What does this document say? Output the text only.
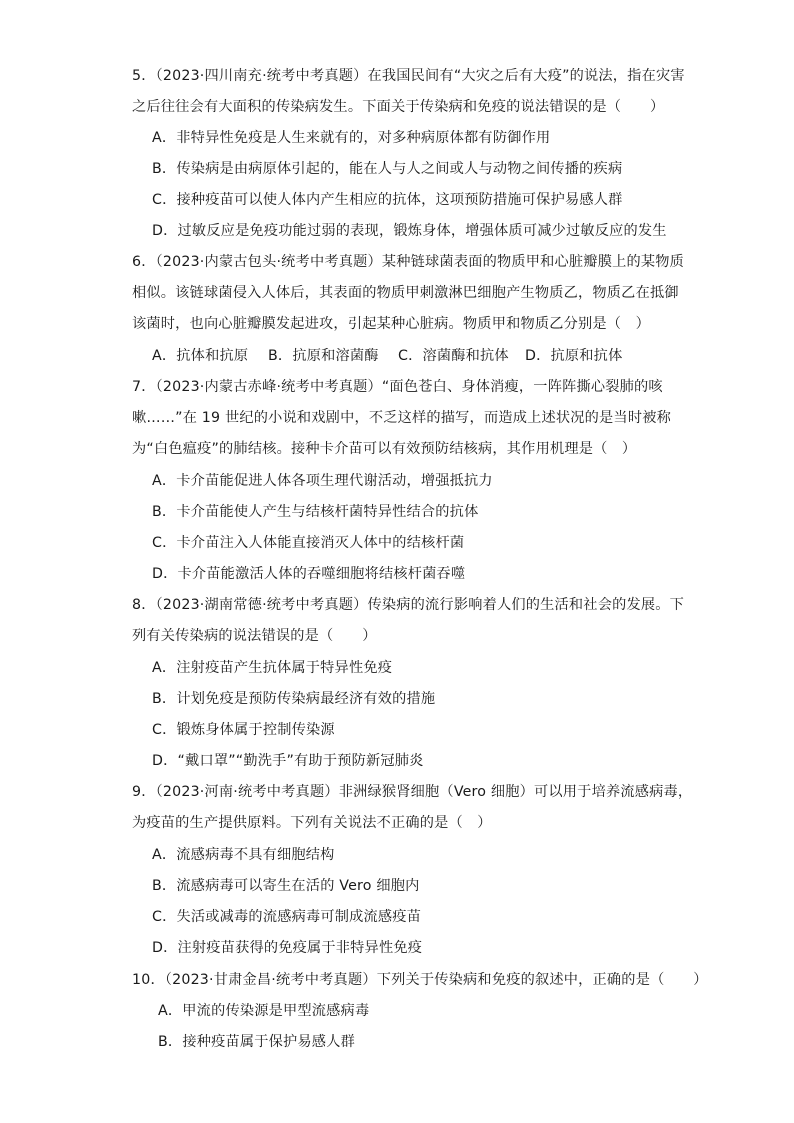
5．（2023·四川南充·统考中考真题）在我国民间有“大灾之后有大疫”的说法，指在灾害
之后往往会有大面积的传染病发生。下面关于传染病和免疫的说法错误的是（　　）
A．非特异性免疫是人生来就有的，对多种病原体都有防御作用
B．传染病是由病原体引起的，能在人与人之间或人与动物之间传播的疾病
C．接种疫苗可以使人体内产生相应的抗体，这项预防措施可保护易感人群
D．过敏反应是免疫功能过弱的表现，锻炼身体，增强体质可减少过敏反应的发生
6．（2023·内蒙古包头·统考中考真题）某种链球菌表面的物质甲和心脏瓣膜上的某物质
相似。该链球菌侵入人体后，其表面的物质甲刺激淋巴细胞产生物质乙，物质乙在抵御
该菌时，也向心脏瓣膜发起进攻，引起某种心脏病。物质甲和物质乙分别是（　）
A．抗体和抗原 B．抗原和溶菌酶 C．溶菌酶和抗体 D．抗原和抗体
7．（2023·内蒙古赤峰·统考中考真题）“面色苍白、身体消瘦，一阵阵撕心裂肺的咳
嗽……”在 19 世纪的小说和戏剧中，不乏这样的描写，而造成上述状况的是当时被称
为“白色瘟疫”的肺结核。接种卡介苗可以有效预防结核病，其作用机理是（　）
A．卡介苗能促进人体各项生理代谢活动，增强抵抗力
B．卡介苗能使人产生与结核杆菌特异性结合的抗体
C．卡介苗注入人体能直接消灭人体中的结核杆菌
D．卡介苗能激活人体的吞噬细胞将结核杆菌吞噬
8．（2023·湖南常德·统考中考真题）传染病的流行影响着人们的生活和社会的发展。下
列有关传染病的说法错误的是（　　）
A．注射疫苗产生抗体属于特异性免疫
B．计划免疫是预防传染病最经济有效的措施
C．锻炼身体属于控制传染源
D．“戴口罩”“勤洗手”有助于预防新冠肺炎
9．（2023·河南·统考中考真题）非洲绿猴肾细胞（Vero 细胞）可以用于培养流感病毒，
为疫苗的生产提供原料。下列有关说法不正确的是（　）
A．流感病毒不具有细胞结构
B．流感病毒可以寄生在活的 Vero 细胞内
C．失活或减毒的流感病毒可制成流感疫苗
D．注射疫苗获得的免疫属于非特异性免疫
10．（2023·甘肃金昌·统考中考真题）下列关于传染病和免疫的叙述中，正确的是（　　）
A．甲流的传染源是甲型流感病毒
B．接种疫苗属于保护易感人群
